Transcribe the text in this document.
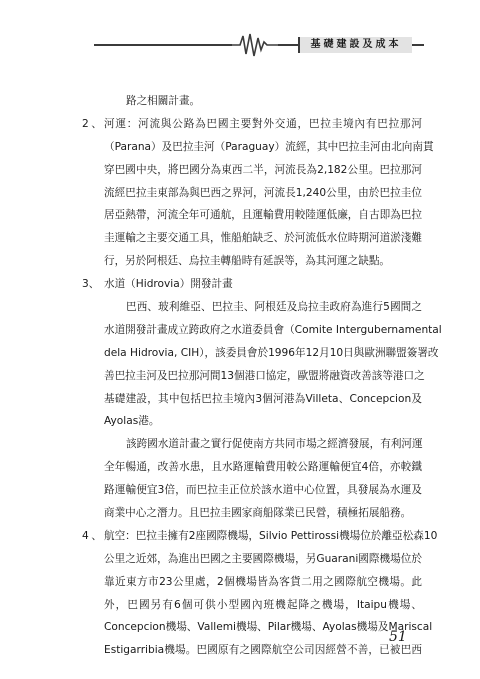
基礎建設及成本
路之相關計畫。
2、 河運：河流與公路為巴國主要對外交通，巴拉圭境內有巴拉那河
（Parana）及巴拉圭河（Paraguay）流經，其中巴拉圭河由北向南貫
穿巴國中央，將巴國分為東西二半，河流長為2,182公里。巴拉那河
流經巴拉圭東部為與巴西之界河，河流長1,240公里，由於巴拉圭位
居亞熱帶，河流全年可通航，且運輸費用較陸運低廉，自古即為巴拉
圭運輸之主要交通工具，惟船舶缺乏、於河流低水位時期河道淤淺難
行，另於阿根廷、烏拉圭轉船時有延誤等，為其河運之缺點。
3、 水道（Hidrovia）開發計畫
巴西、玻利維亞、巴拉圭、阿根廷及烏拉圭政府為進行5國間之
水道開發計畫成立跨政府之水道委員會（Comite Intergubernamental
dela Hidrovia, CIH），該委員會於1996年12月10日與歐洲聯盟簽署改
善巴拉圭河及巴拉那河間13個港口協定，歐盟將融資改善該等港口之
基礎建設，其中包括巴拉圭境內3個河港為Villeta、Concepcion及
Ayolas港。
該跨國水道計畫之實行促使南方共同市場之經濟發展，有利河運
全年暢通，改善水患，且水路運輸費用較公路運輸便宜4倍，亦較鐵
路運輸便宜3倍，而巴拉圭正位於該水道中心位置，具發展為水運及
商業中心之潛力。且巴拉圭國家商船隊業已民營，積極拓展船務。
4、 航空：巴拉圭擁有2座國際機場，Silvio Pettirossi機場位於離亞松森10
公里之近郊，為進出巴國之主要國際機場，另Guarani國際機場位於
靠近東方市23公里處，2個機場皆為客貨二用之國際航空機場。此
外，巴國另有6個可供小型國內班機起降之機場，Itaipu機場、
Concepcion機場、Vallemi機場、Pilar機場、Ayolas機場及Mariscal
Estigarribia機場。巴國原有之國際航空公司因經營不善，已被巴西
51
